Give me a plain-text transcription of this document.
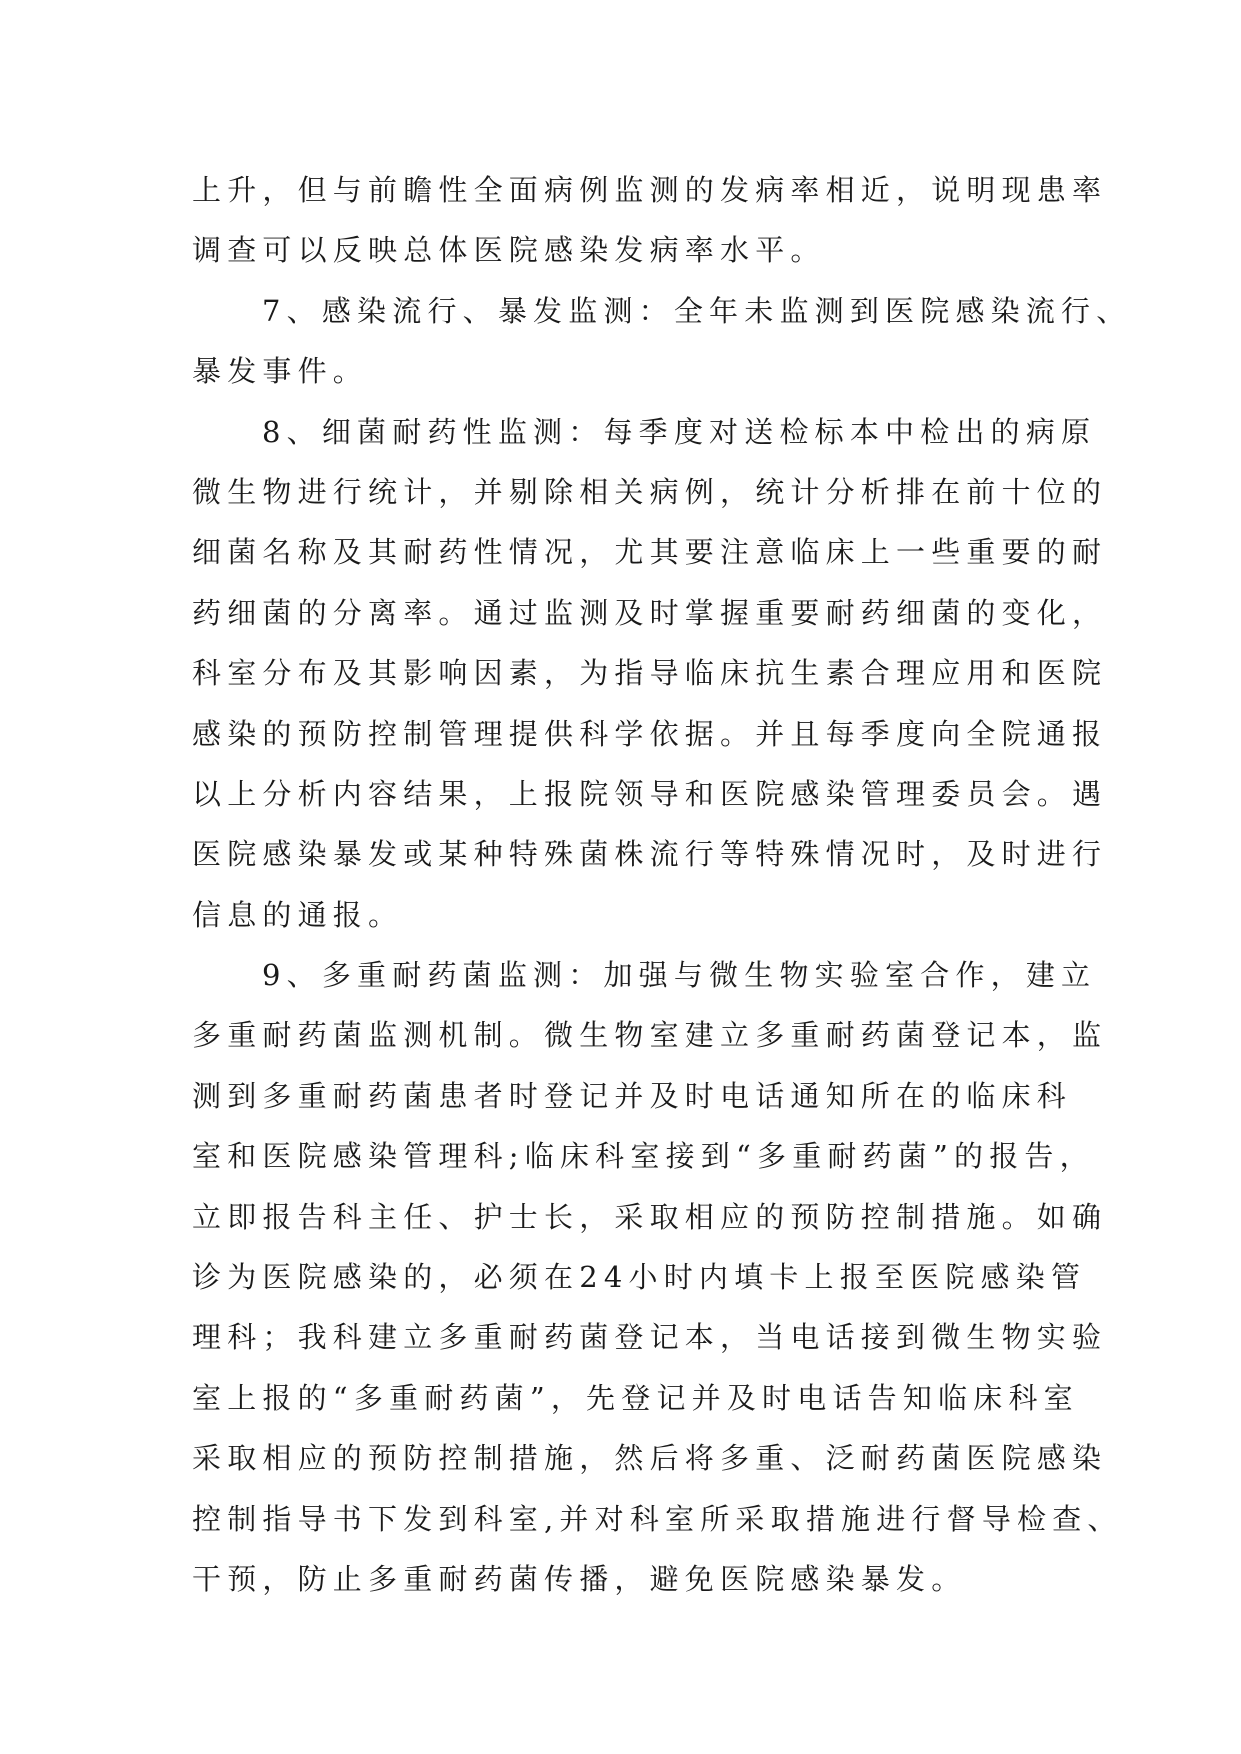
上升，但与前瞻性全面病例监测的发病率相近，说明现患率
调查可以反映总体医院感染发病率水平。
7、感染流行、暴发监测：全年未监测到医院感染流行、
暴发事件。
8、细菌耐药性监测：每季度对送检标本中检出的病原
微生物进行统计，并剔除相关病例，统计分析排在前十位的
细菌名称及其耐药性情况，尤其要注意临床上一些重要的耐
药细菌的分离率。通过监测及时掌握重要耐药细菌的变化，
科室分布及其影响因素，为指导临床抗生素合理应用和医院
感染的预防控制管理提供科学依据。并且每季度向全院通报
以上分析内容结果，上报院领导和医院感染管理委员会。遇
医院感染暴发或某种特殊菌株流行等特殊情况时，及时进行
信息的通报。
9、多重耐药菌监测：加强与微生物实验室合作，建立
多重耐药菌监测机制。微生物室建立多重耐药菌登记本，监
测到多重耐药菌患者时登记并及时电话通知所在的临床科
室和医院感染管理科;临床科室接到“多重耐药菌”的报告，
立即报告科主任、护士长，采取相应的预防控制措施。如确
诊为医院感染的，必须在24小时内填卡上报至医院感染管
理科；我科建立多重耐药菌登记本，当电话接到微生物实验
室上报的“多重耐药菌”，先登记并及时电话告知临床科室
采取相应的预防控制措施，然后将多重、泛耐药菌医院感染
控制指导书下发到科室,并对科室所采取措施进行督导检查、
干预，防止多重耐药菌传播，避免医院感染暴发。
